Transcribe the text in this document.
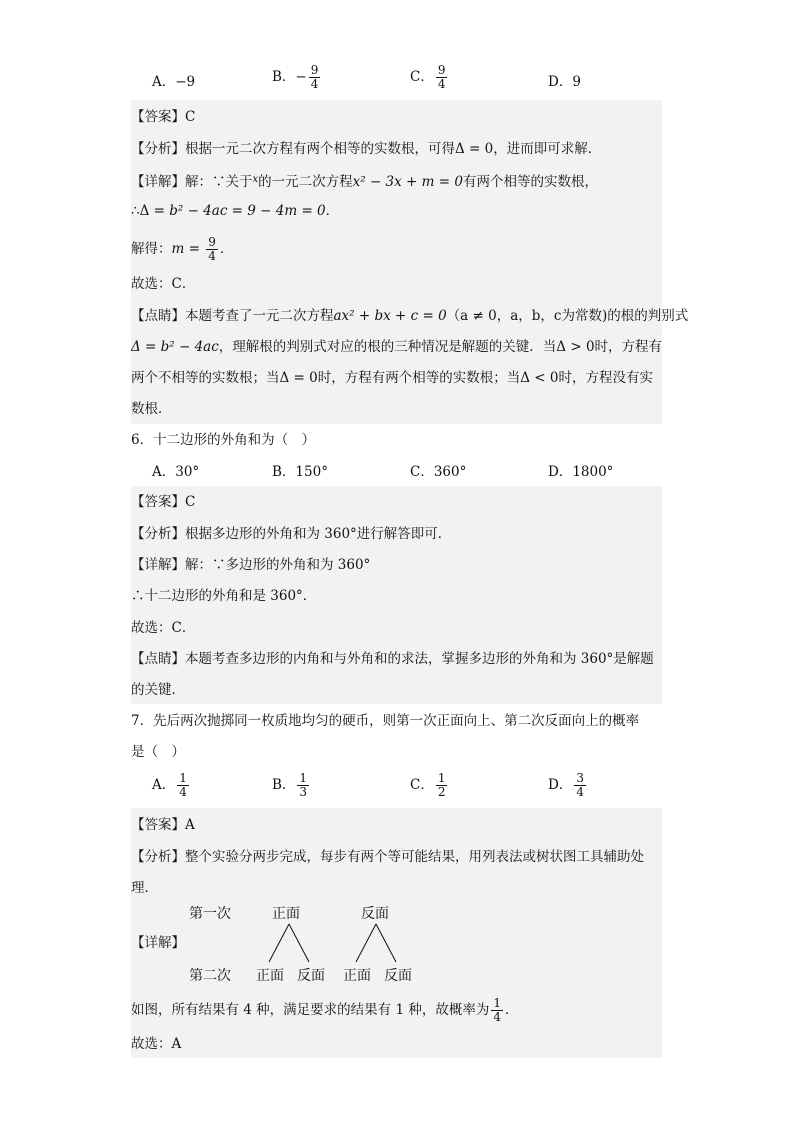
A．−9	B．− $\frac{9}{4}$	C． $\frac{9}{4}$	D．9
【答案】C
【分析】根据一元二次方程有两个相等的实数根，可得Δ = 0，进而即可求解．
【详解】解：∵关于$^x$的一元二次方程x² − 3x + m = 0有两个相等的实数根，
∴Δ = b² − 4ac = 9 − 4m = 0．
解得：$m = \frac{9}{4}$ ．
故选：C．
【点睛】本题考查了一元二次方程ax² + bx + c = 0（a ≠ 0，a，b，c为常数)的根的判别式
Δ = b² − 4ac，理解根的判别式对应的根的三种情况是解题的关键．当Δ > 0时，方程有
两个不相等的实数根；当Δ = 0时，方程有两个相等的实数根；当Δ < 0时，方程没有实
数根．
6．十二边形的外角和为（　）
A．30°	B．150°	C．360°	D．1800°
【答案】C
【分析】根据多边形的外角和为 360°进行解答即可．
【详解】解：∵多边形的外角和为 360°
∴十二边形的外角和是 360°．
故选：C．
【点睛】本题考查多边形的内角和与外角和的求法，掌握多边形的外角和为 360°是解题
的关键．
7．先后两次抛掷同一枚质地均匀的硬币，则第一次正面向上、第二次反面向上的概率
是（　）
A． $\frac{1}{4}$	B． $\frac{1}{3}$	C． $\frac{1}{2}$	D． $\frac{3}{4}$
【答案】A
【分析】整个实验分两步完成，每步有两个等可能结果，用列表法或树状图工具辅助处
理．
第一次	正面	反面
【详解】
第二次 正面 反面 正面 反面
如图，所有结果有 4 种，满足要求的结果有 1 种，故概率为 $\frac{1}{4}$ ．
故选：A
